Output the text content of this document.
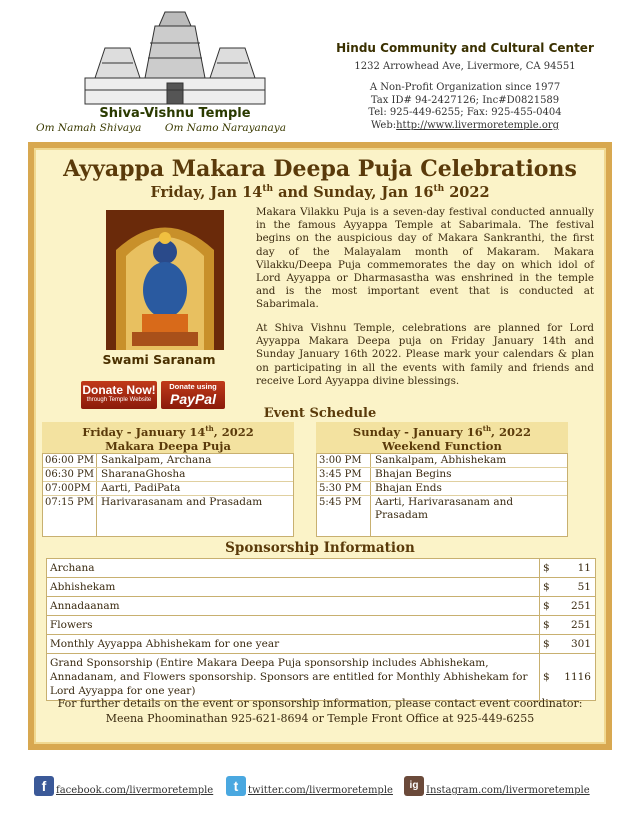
Shiva-Vishnu Temple
Om Namah Shivaya Om Namo Narayanaya
Hindu Community and Cultural Center
1232 Arrowhead Ave, Livermore, CA 94551
A Non-Profit Organization since 1977
Tax ID# 94-2427126; Inc#D0821589
Tel: 925-449-6255; Fax: 925-455-0404
Web:http://www.livermoretemple.org
Ayyappa Makara Deepa Puja Celebrations
Friday, Jan 14th and Sunday, Jan 16th 2022
Swami Saranam
Donate Now!
through Temple Website
Donate using
PayPal
Makara Vilakku Puja is a seven-day festival conducted annually in the famous Ayyappa Temple at Sabarimala. The festival begins on the auspicious day of Makara Sankranthi, the first day of the Malayalam month of Makaram. Makara Vilakku/Deepa Puja commemorates the day on which idol of Lord Ayyappa or Dharmasastha was enshrined in the temple and is the most important event that is conducted at Sabarimala.
At Shiva Vishnu Temple, celebrations are planned for Lord Ayyappa Makara Deepa puja on Friday January 14th and Sunday January 16th 2022. Please mark your calendars & plan on participating in all the events with family and friends and receive Lord Ayyappa divine blessings.
Event Schedule
Friday - January 14th, 2022
Makara Deepa Puja
06:00 PM Sankalpam, Archana
06:30 PM SharanaGhosha
07:00PM Aarti, PadiPata
07:15 PM Harivarasanam and Prasadam
Sunday - January 16th, 2022
Weekend Function
3:00 PM	Sankalpam, Abhishekam
3:45 PM	Bhajan Begins
5:30 PM	Bhajan Ends
5:45 PM	Aarti, Harivarasanam and Prasadam
Sponsorship Information
Archana	$	11
Abhishekam	$	51
Annadaanam	$ 251
Flowers	$ 251
Monthly Ayyappa Abhishekam for one year	$ 301
Grand Sponsorship (Entire Makara Deepa Puja sponsorship includes Abhishekam, Annadanam, and Flowers sponsorship. Sponsors are entitled for Monthly Abhishekam for Lord Ayyappa for one year)
$ 1116
For further details on the event or sponsorship information, please contact event coordinator:
Meena Phoominathan 925-621-8694 or Temple Front Office at 925-449-6255
f facebook.com/livermoretemple	t twitter.com/livermoretemple	ig Instagram.com/livermoretemple
